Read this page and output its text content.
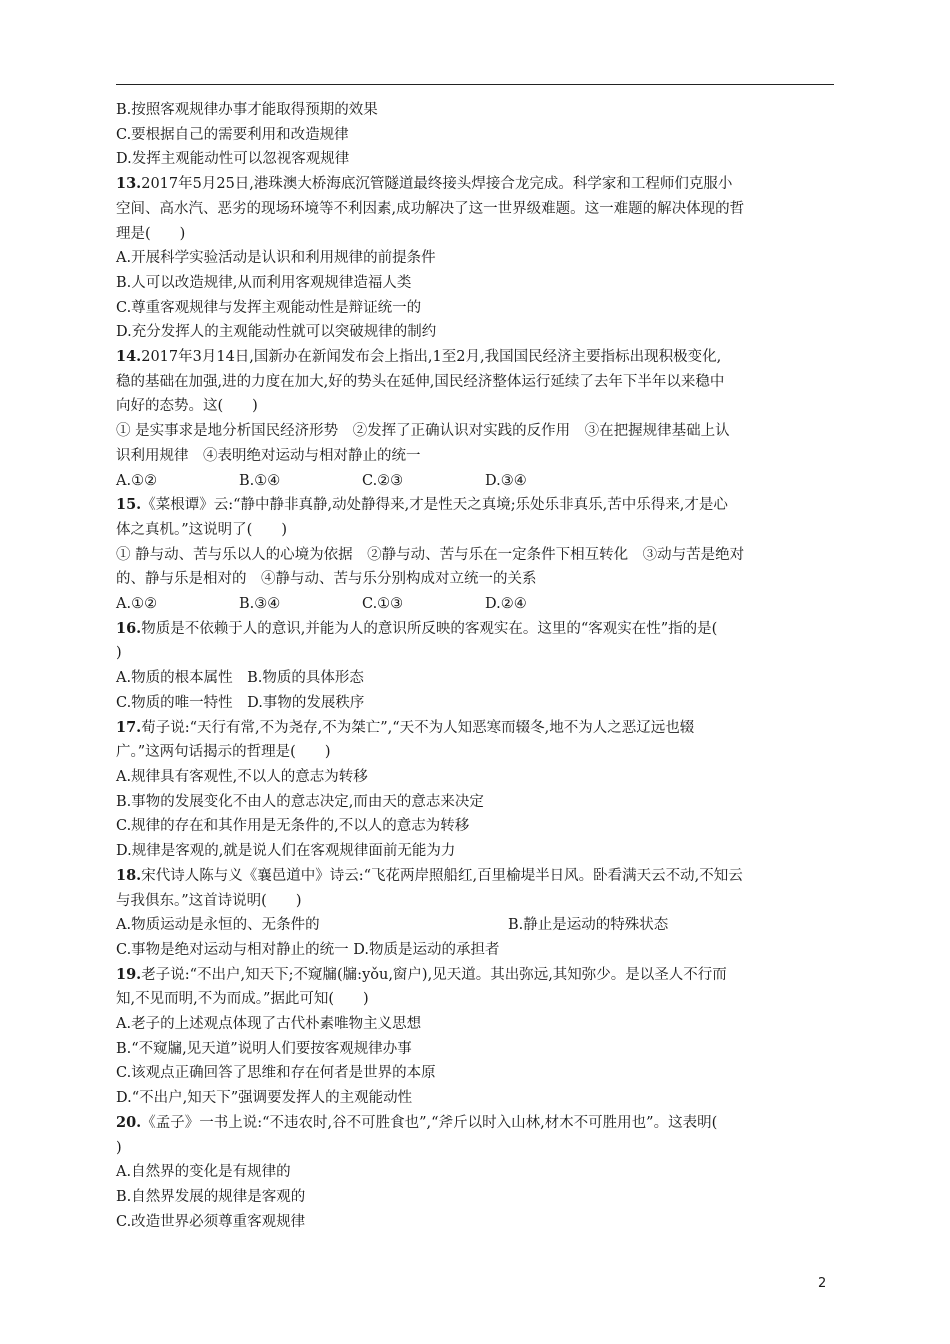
B.按照客观规律办事才能取得预期的效果
C.要根据自己的需要利用和改造规律
D.发挥主观能动性可以忽视客观规律
13.2017年5月25日,港珠澳大桥海底沉管隧道最终接头焊接合龙完成。科学家和工程师们克服小
空间、高水汽、恶劣的现场环境等不利因素,成功解决了这一世界级难题。这一难题的解决体现的哲
理是(　　)
A.开展科学实验活动是认识和利用规律的前提条件
B.人可以改造规律,从而利用客观规律造福人类
C.尊重客观规律与发挥主观能动性是辩证统一的
D.充分发挥人的主观能动性就可以突破规律的制约
14.2017年3月14日,国新办在新闻发布会上指出,1至2月,我国国民经济主要指标出现积极变化,
稳的基础在加强,进的力度在加大,好的势头在延伸,国民经济整体运行延续了去年下半年以来稳中
向好的态势。这(　　)
① 是实事求是地分析国民经济形势　②发挥了正确认识对实践的反作用　③在把握规律基础上认
识利用规律　④表明绝对运动与相对静止的统一
A.①②	B.①④	C.②③	D.③④
15.《菜根谭》云:“静中静非真静,动处静得来,才是性天之真境;乐处乐非真乐,苦中乐得来,才是心
体之真机。”这说明了(　　)
① 静与动、苦与乐以人的心境为依据　②静与动、苦与乐在一定条件下相互转化　③动与苦是绝对
的、静与乐是相对的　④静与动、苦与乐分别构成对立统一的关系
A.①②	B.③④	C.①③	D.②④
16.物质是不依赖于人的意识,并能为人的意识所反映的客观实在。这里的“客观实在性”指的是(
)
A.物质的根本属性　B.物质的具体形态
C.物质的唯一特性　D.事物的发展秩序
17.荀子说:“天行有常,不为尧存,不为桀亡”,“天不为人知恶寒而辍冬,地不为人之恶辽远也辍
广。”这两句话揭示的哲理是(　　)
A.规律具有客观性,不以人的意志为转移
B.事物的发展变化不由人的意志决定,而由天的意志来决定
C.规律的存在和其作用是无条件的,不以人的意志为转移
D.规律是客观的,就是说人们在客观规律面前无能为力
18.宋代诗人陈与义《襄邑道中》诗云:“飞花两岸照船红,百里榆堤半日风。卧看满天云不动,不知云
与我俱东。”这首诗说明(　　)
A.物质运动是永恒的、无条件的	B.静止是运动的特殊状态
C.事物是绝对运动与相对静止的统一 D.物质是运动的承担者
19.老子说:“不出户,知天下;不窥牖(牖:yǒu,窗户),见天道。其出弥远,其知弥少。是以圣人不行而
知,不见而明,不为而成。”据此可知(　　)
A.老子的上述观点体现了古代朴素唯物主义思想
B.“不窥牖,见天道”说明人们要按客观规律办事
C.该观点正确回答了思维和存在何者是世界的本原
D.“不出户,知天下”强调要发挥人的主观能动性
20.《孟子》一书上说:“不违农时,谷不可胜食也”,“斧斤以时入山林,材木不可胜用也”。这表明(
)
A.自然界的变化是有规律的
B.自然界发展的规律是客观的
C.改造世界必须尊重客观规律
2
